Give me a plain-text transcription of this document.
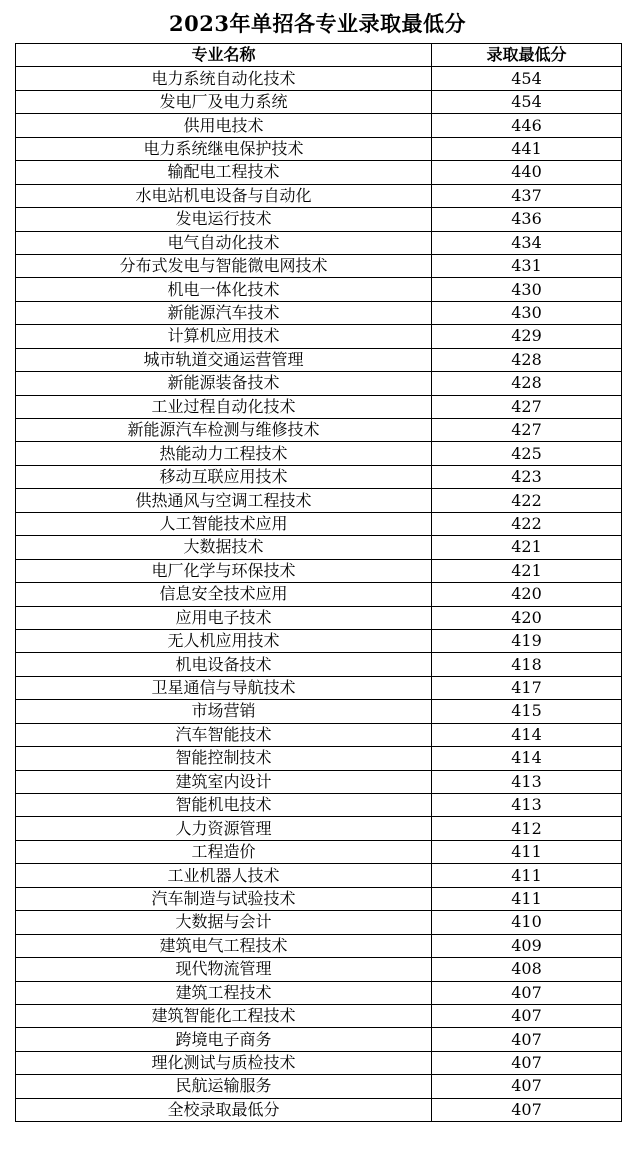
2023年单招各专业录取最低分
专业名称	录取最低分
电力系统自动化技术	454
发电厂及电力系统	454
供用电技术	446
电力系统继电保护技术	441
输配电工程技术	440
水电站机电设备与自动化	437
发电运行技术	436
电气自动化技术	434
分布式发电与智能微电网技术	431
机电一体化技术	430
新能源汽车技术	430
计算机应用技术	429
城市轨道交通运营管理	428
新能源装备技术	428
工业过程自动化技术	427
新能源汽车检测与维修技术	427
热能动力工程技术	425
移动互联应用技术	423
供热通风与空调工程技术	422
人工智能技术应用	422
大数据技术	421
电厂化学与环保技术	421
信息安全技术应用	420
应用电子技术	420
无人机应用技术	419
机电设备技术	418
卫星通信与导航技术	417
市场营销	415
汽车智能技术	414
智能控制技术	414
建筑室内设计	413
智能机电技术	413
人力资源管理	412
工程造价	411
工业机器人技术	411
汽车制造与试验技术	411
大数据与会计	410
建筑电气工程技术	409
现代物流管理	408
建筑工程技术	407
建筑智能化工程技术	407
跨境电子商务	407
理化测试与质检技术	407
民航运输服务	407
全校录取最低分	407
